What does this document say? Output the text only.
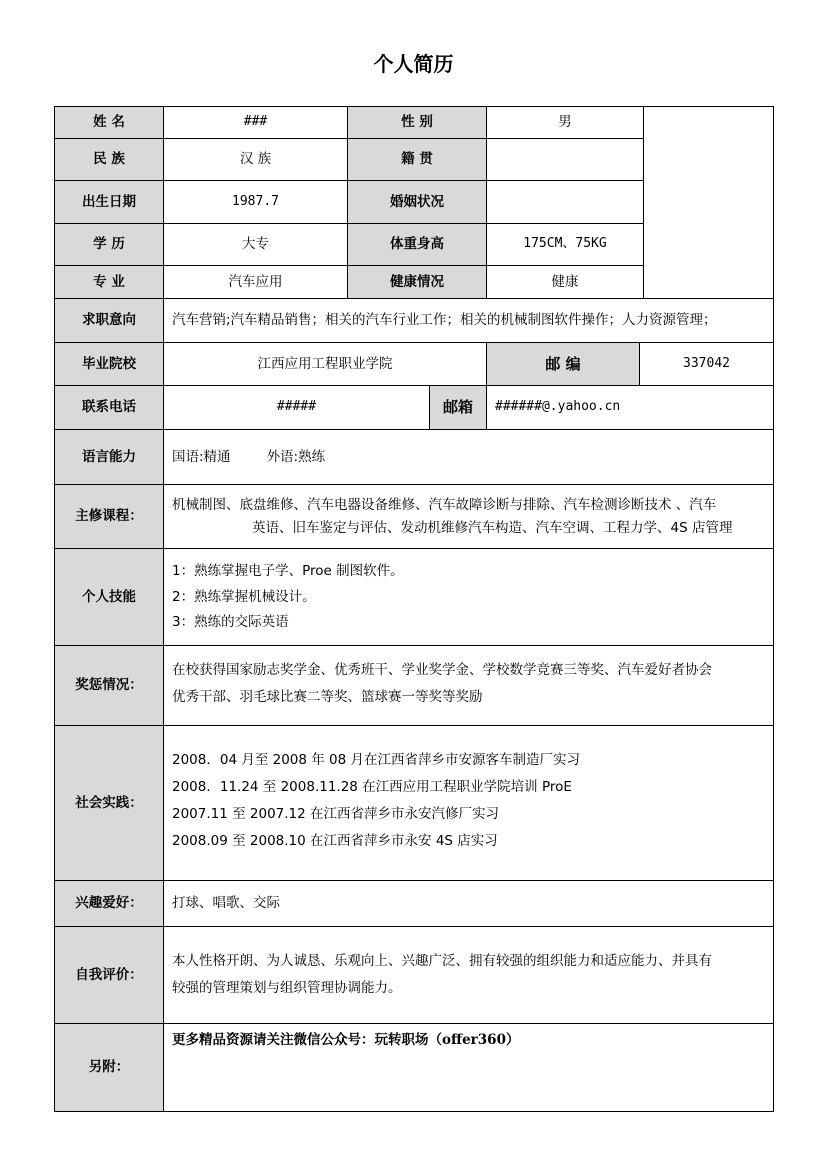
个人简历
姓 名	###	性 别	男
民 族	汉 族	籍 贯
出生日期	1987.7	婚姻状况
学 历	大专	体重身高	175CM、75KG
专 业	汽车应用	健康情况	健康
求职意向	汽车营销;汽车精品销售；相关的汽车行业工作；相关的机械制图软件操作；人力资源管理；
毕业院校	江西应用工程职业学院	邮 编	337042
联系电话	#####	邮箱	######@.yahoo.cn
语言能力	国语:精通	外语:熟练
主修课程：
机械制图、底盘维修、汽车电器设备维修、汽车故障诊断与排除、汽车检测诊断技术 、汽车
英语、旧车鉴定与评估、发动机维修汽车构造、汽车空调、工程力学、4S 店管理
个人技能
1：熟练掌握电子学、Proe 制图软件。
2：熟练掌握机械设计。
3：熟练的交际英语
奖惩情况：
在校获得国家励志奖学金、优秀班干、学业奖学金、学校数学竞赛三等奖、汽车爱好者协会
优秀干部、羽毛球比赛二等奖、篮球赛一等奖等奖励
社会实践：
2008．04 月至 2008 年 08 月在江西省萍乡市安源客车制造厂实习
2008．11.24 至 2008.11.28 在江西应用工程职业学院培训 ProE
2007.11 至 2007.12 在江西省萍乡市永安汽修厂实习
2008.09 至 2008.10 在江西省萍乡市永安 4S 店实习
兴趣爱好：	打球、唱歌、交际
自我评价：
本人性格开朗、为人诚恳、乐观向上、兴趣广泛、拥有较强的组织能力和适应能力、并具有
较强的管理策划与组织管理协调能力。
另附：
更多精品资源请关注微信公众号：玩转职场（offer360）
